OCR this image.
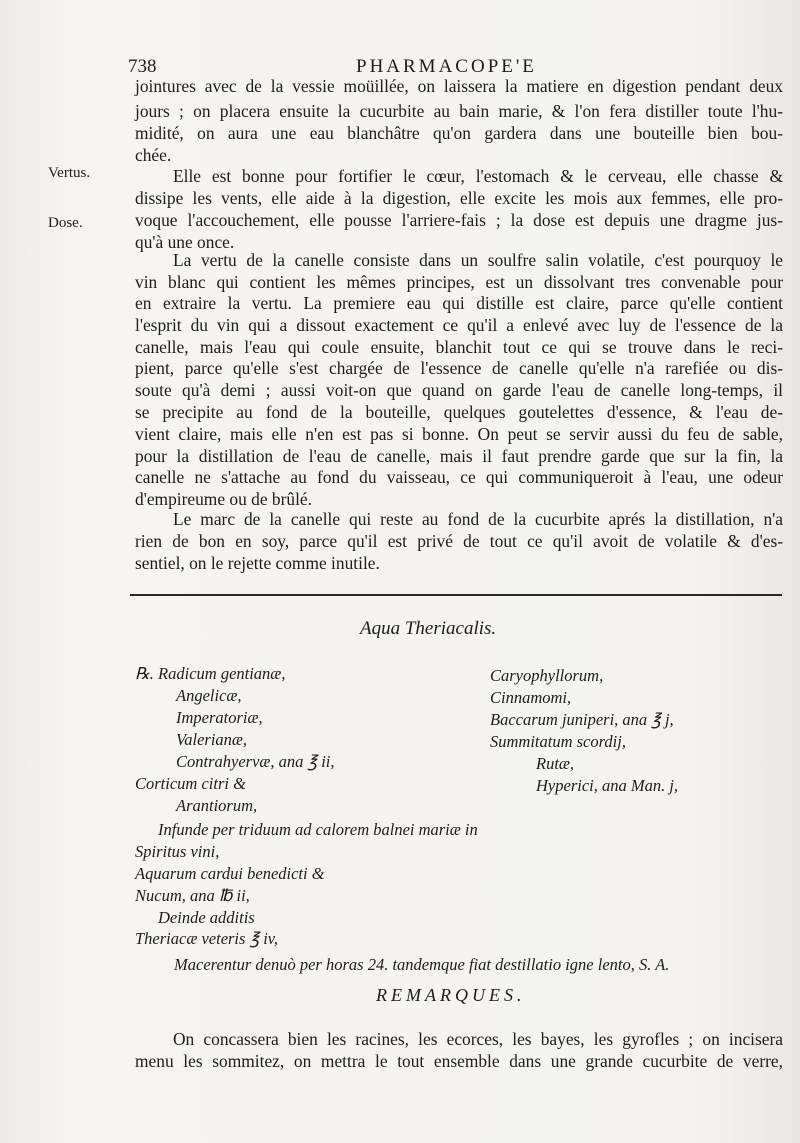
738	PHARMACOPE'E
Vertus.
Dose.
jointures avec de la vessie moüillée, on laissera la matiere en digestion pendant deux
jours ; on placera ensuite la cucurbite au bain marie, & l'on fera distiller toute l'hu-
midité, on aura une eau blanchâtre qu'on gardera dans une bouteille bien bou-
chée.
Elle est bonne pour fortifier le cœur, l'estomach & le cerveau, elle chasse &
dissipe les vents, elle aide à la digestion, elle excite les mois aux femmes, elle pro-
voque l'accouchement, elle pousse l'arriere-fais ; la dose est depuis une dragme jus-
qu'à une once.
La vertu de la canelle consiste dans un soulfre salin volatile, c'est pourquoy le
vin blanc qui contient les mêmes principes, est un dissolvant tres convenable pour
en extraire la vertu. La premiere eau qui distille est claire, parce qu'elle contient
l'esprit du vin qui a dissout exactement ce qu'il a enlevé avec luy de l'essence de la
canelle, mais l'eau qui coule ensuite, blanchit tout ce qui se trouve dans le reci-
pient, parce qu'elle s'est chargée de l'essence de canelle qu'elle n'a rarefiée ou dis-
soute qu'à demi ; aussi voit-on que quand on garde l'eau de canelle long-temps, il
se precipite au fond de la bouteille, quelques goutelettes d'essence, & l'eau de-
vient claire, mais elle n'en est pas si bonne. On peut se servir aussi du feu de sable,
pour la distillation de l'eau de canelle, mais il faut prendre garde que sur la fin, la
canelle ne s'attache au fond du vaisseau, ce qui communiqueroit à l'eau, une odeur
d'empireume ou de brûlé.
Le marc de la canelle qui reste au fond de la cucurbite aprés la distillation, n'a
rien de bon en soy, parce qu'il est privé de tout ce qu'il avoit de volatile & d'es-
sentiel, on le rejette comme inutile.
Aqua Theriacalis.
℞. Radicum gentianæ,
Angelicæ,
Imperatoriæ,
Valerianæ,
Contrahyervæ, ana ℥ ii,
Corticum citri &
Arantiorum,
Caryophyllorum,
Cinnamomi,
Baccarum juniperi, ana ℥ j,
Summitatum scordij,
Rutæ,
Hyperici, ana Man. j,
Infunde per triduum ad calorem balnei mariæ in
Spiritus vini,
Aquarum cardui benedicti &
Nucum, ana ℔ ii,
Deinde additis
Theriacæ veteris ℥ iv,
Macerentur denuò per horas 24. tandemque fiat destillatio igne lento, S. A.
REMARQUES.
On concassera bien les racines, les ecorces, les bayes, les gyrofles ; on incisera
menu les sommitez, on mettra le tout ensemble dans une grande cucurbite de verre,
